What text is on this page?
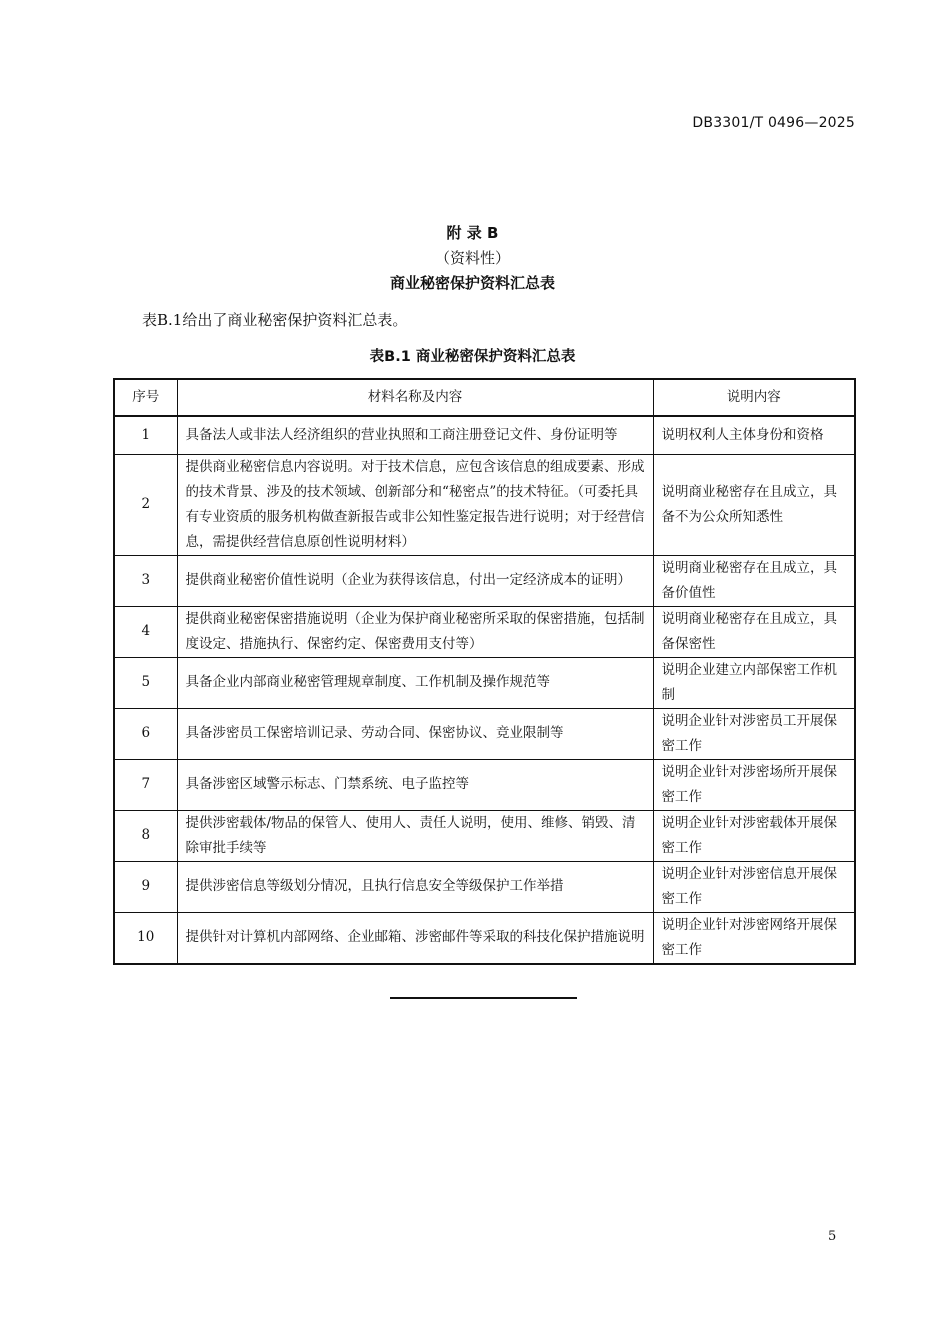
DB3301/T 0496—2025
附 录 B
（资料性）
商业秘密保护资料汇总表
表B.1给出了商业秘密保护资料汇总表。
表B.1 商业秘密保护资料汇总表
序号	材料名称及内容	说明内容
1	具备法人或非法人经济组织的营业执照和工商注册登记文件、身份证明等	说明权利人主体身份和资格
2	提供商业秘密信息内容说明。对于技术信息，应包含该信息的组成要素、形成的技术背景、涉及的技术领域、创新部分和“秘密点”的技术特征。（可委托具有专业资质的服务机构做查新报告或非公知性鉴定报告进行说明；对于经营信息，需提供经营信息原创性说明材料）	说明商业秘密存在且成立，具备不为公众所知悉性
3	提供商业秘密价值性说明（企业为获得该信息，付出一定经济成本的证明）	说明商业秘密存在且成立，具备价值性
4	提供商业秘密保密措施说明（企业为保护商业秘密所采取的保密措施，包括制度设定、措施执行、保密约定、保密费用支付等）	说明商业秘密存在且成立，具备保密性
5	具备企业内部商业秘密管理规章制度、工作机制及操作规范等	说明企业建立内部保密工作机制
6	具备涉密员工保密培训记录、劳动合同、保密协议、竞业限制等	说明企业针对涉密员工开展保密工作
7	具备涉密区域警示标志、门禁系统、电子监控等	说明企业针对涉密场所开展保密工作
8	提供涉密载体/物品的保管人、使用人、责任人说明，使用、维修、销毁、清除审批手续等	说明企业针对涉密载体开展保密工作
9	提供涉密信息等级划分情况，且执行信息安全等级保护工作举措	说明企业针对涉密信息开展保密工作
10	提供针对计算机内部网络、企业邮箱、涉密邮件等采取的科技化保护措施说明	说明企业针对涉密网络开展保密工作
5
